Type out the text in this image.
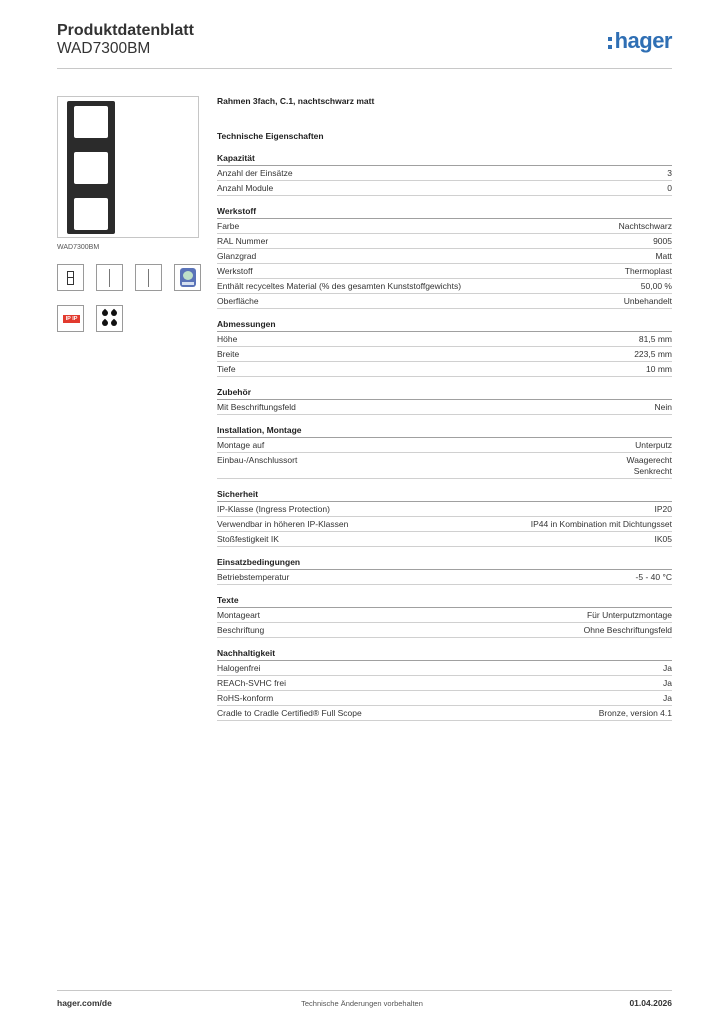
Produktdatenblatt
WAD7300BM	hager
WAD7300BM
IP IP
Rahmen 3fach, C.1, nachtschwarz matt
Technische Eigenschaften
Kapazität
Anzahl der Einsätze	3
Anzahl Module	0
Werkstoff
Farbe	Nachtschwarz
RAL Nummer	9005
Glanzgrad	Matt
Werkstoff	Thermoplast
Enthält recyceltes Material (% des gesamten Kunststoffgewichts)	50,00 %
Oberfläche	Unbehandelt
Abmessungen
Höhe	81,5 mm
Breite	223,5 mm
Tiefe	10 mm
Zubehör
Mit Beschriftungsfeld	Nein
Installation, Montage
Montage auf	Unterputz
Einbau-/Anschlussort	Waagerecht
Senkrecht
Sicherheit
IP-Klasse (Ingress Protection)	IP20
Verwendbar in höheren IP-Klassen	IP44 in Kombination mit Dichtungsset
Stoßfestigkeit IK	IK05
Einsatzbedingungen
Betriebstemperatur	-5 - 40 °C
Texte
Montageart	Für Unterputzmontage
Beschriftung	Ohne Beschriftungsfeld
Nachhaltigkeit
Halogenfrei	Ja
REACh-SVHC frei	Ja
RoHS-konform	Ja
Cradle to Cradle Certified® Full Scope	Bronze, version 4.1
hager.com/de	Technische Änderungen vorbehalten	01.04.2026
